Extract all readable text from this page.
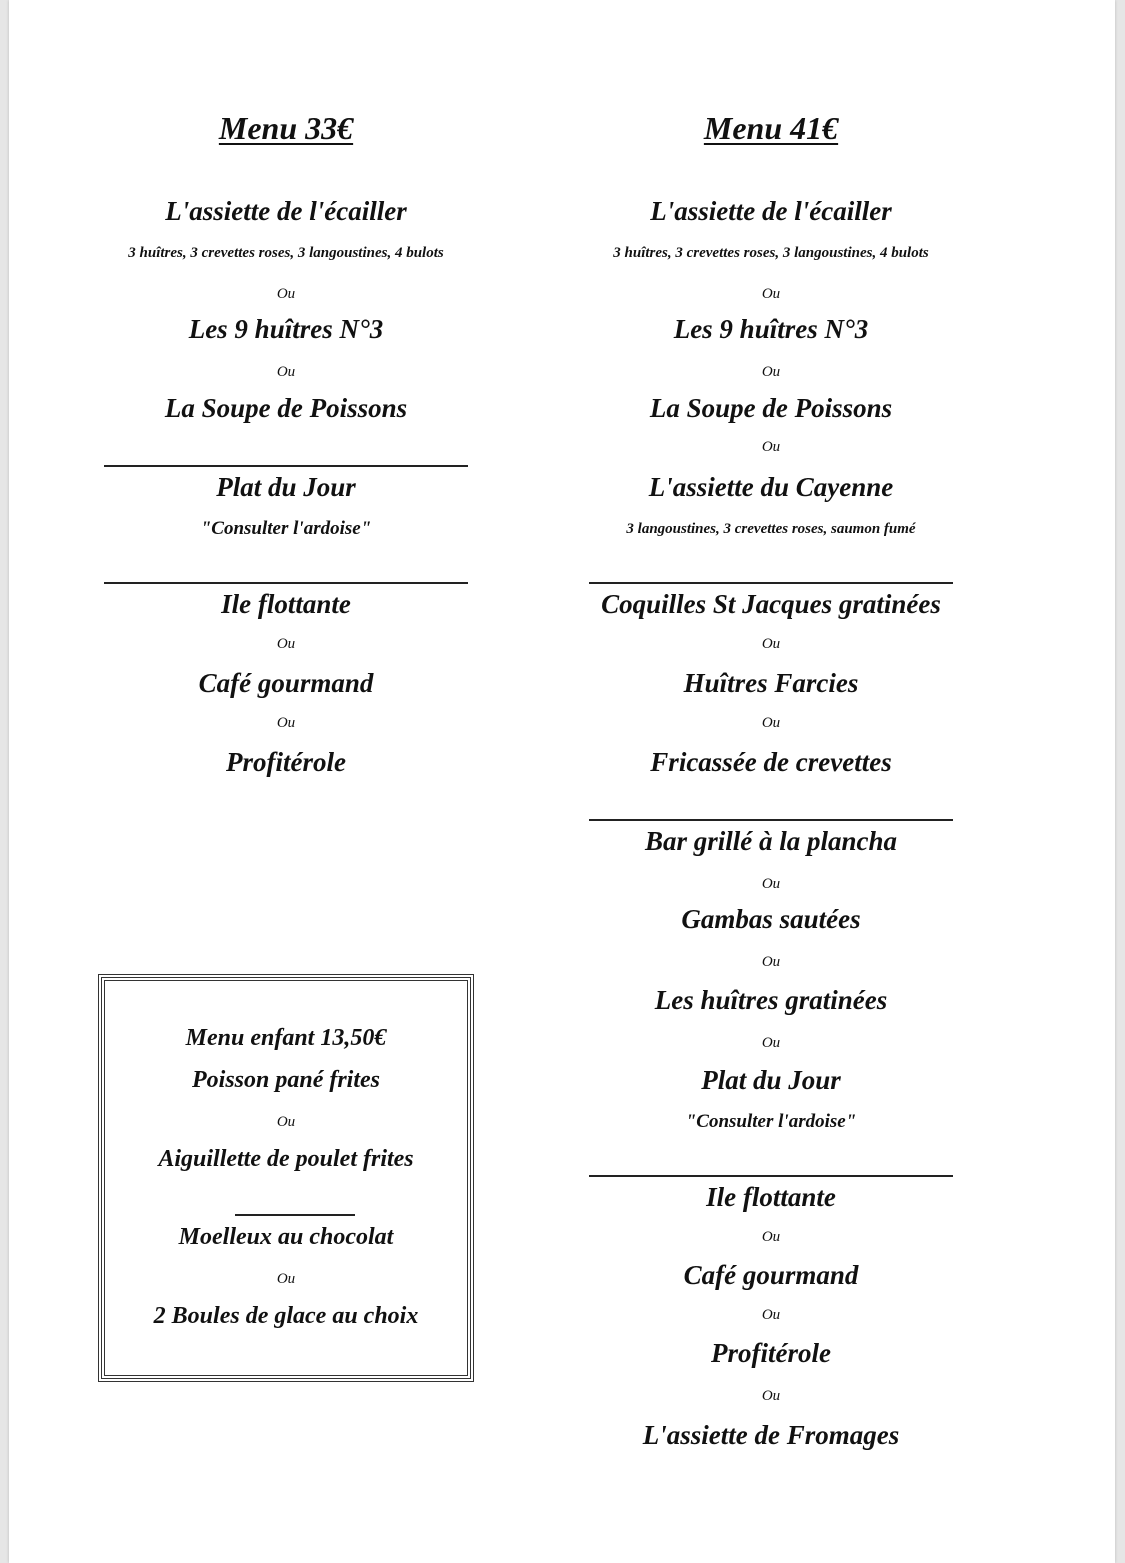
Menu 33€
L'assiette de l'écailler
3 huîtres, 3 crevettes roses, 3 langoustines, 4 bulots
Ou
Les 9 huîtres N°3
Ou
La Soupe de Poissons
Plat du Jour
"Consulter l'ardoise"
Ile flottante
Ou
Café gourmand
Ou
Profitérole
Menu enfant 13,50€
Poisson pané frites
Ou
Aiguillette de poulet frites
Moelleux au chocolat
Ou
2 Boules de glace au choix
Menu 41€
L'assiette de l'écailler
3 huîtres, 3 crevettes roses, 3 langoustines, 4 bulots
Ou
Les 9 huîtres N°3
Ou
La Soupe de Poissons
Ou
L'assiette du Cayenne
3 langoustines, 3 crevettes roses, saumon fumé
Coquilles St Jacques gratinées
Ou
Huîtres Farcies
Ou
Fricassée de crevettes
Bar grillé à la plancha
Ou
Gambas sautées
Ou
Les huîtres gratinées
Ou
Plat du Jour
"Consulter l'ardoise"
Ile flottante
Ou
Café gourmand
Ou
Profitérole
Ou
L'assiette de Fromages
